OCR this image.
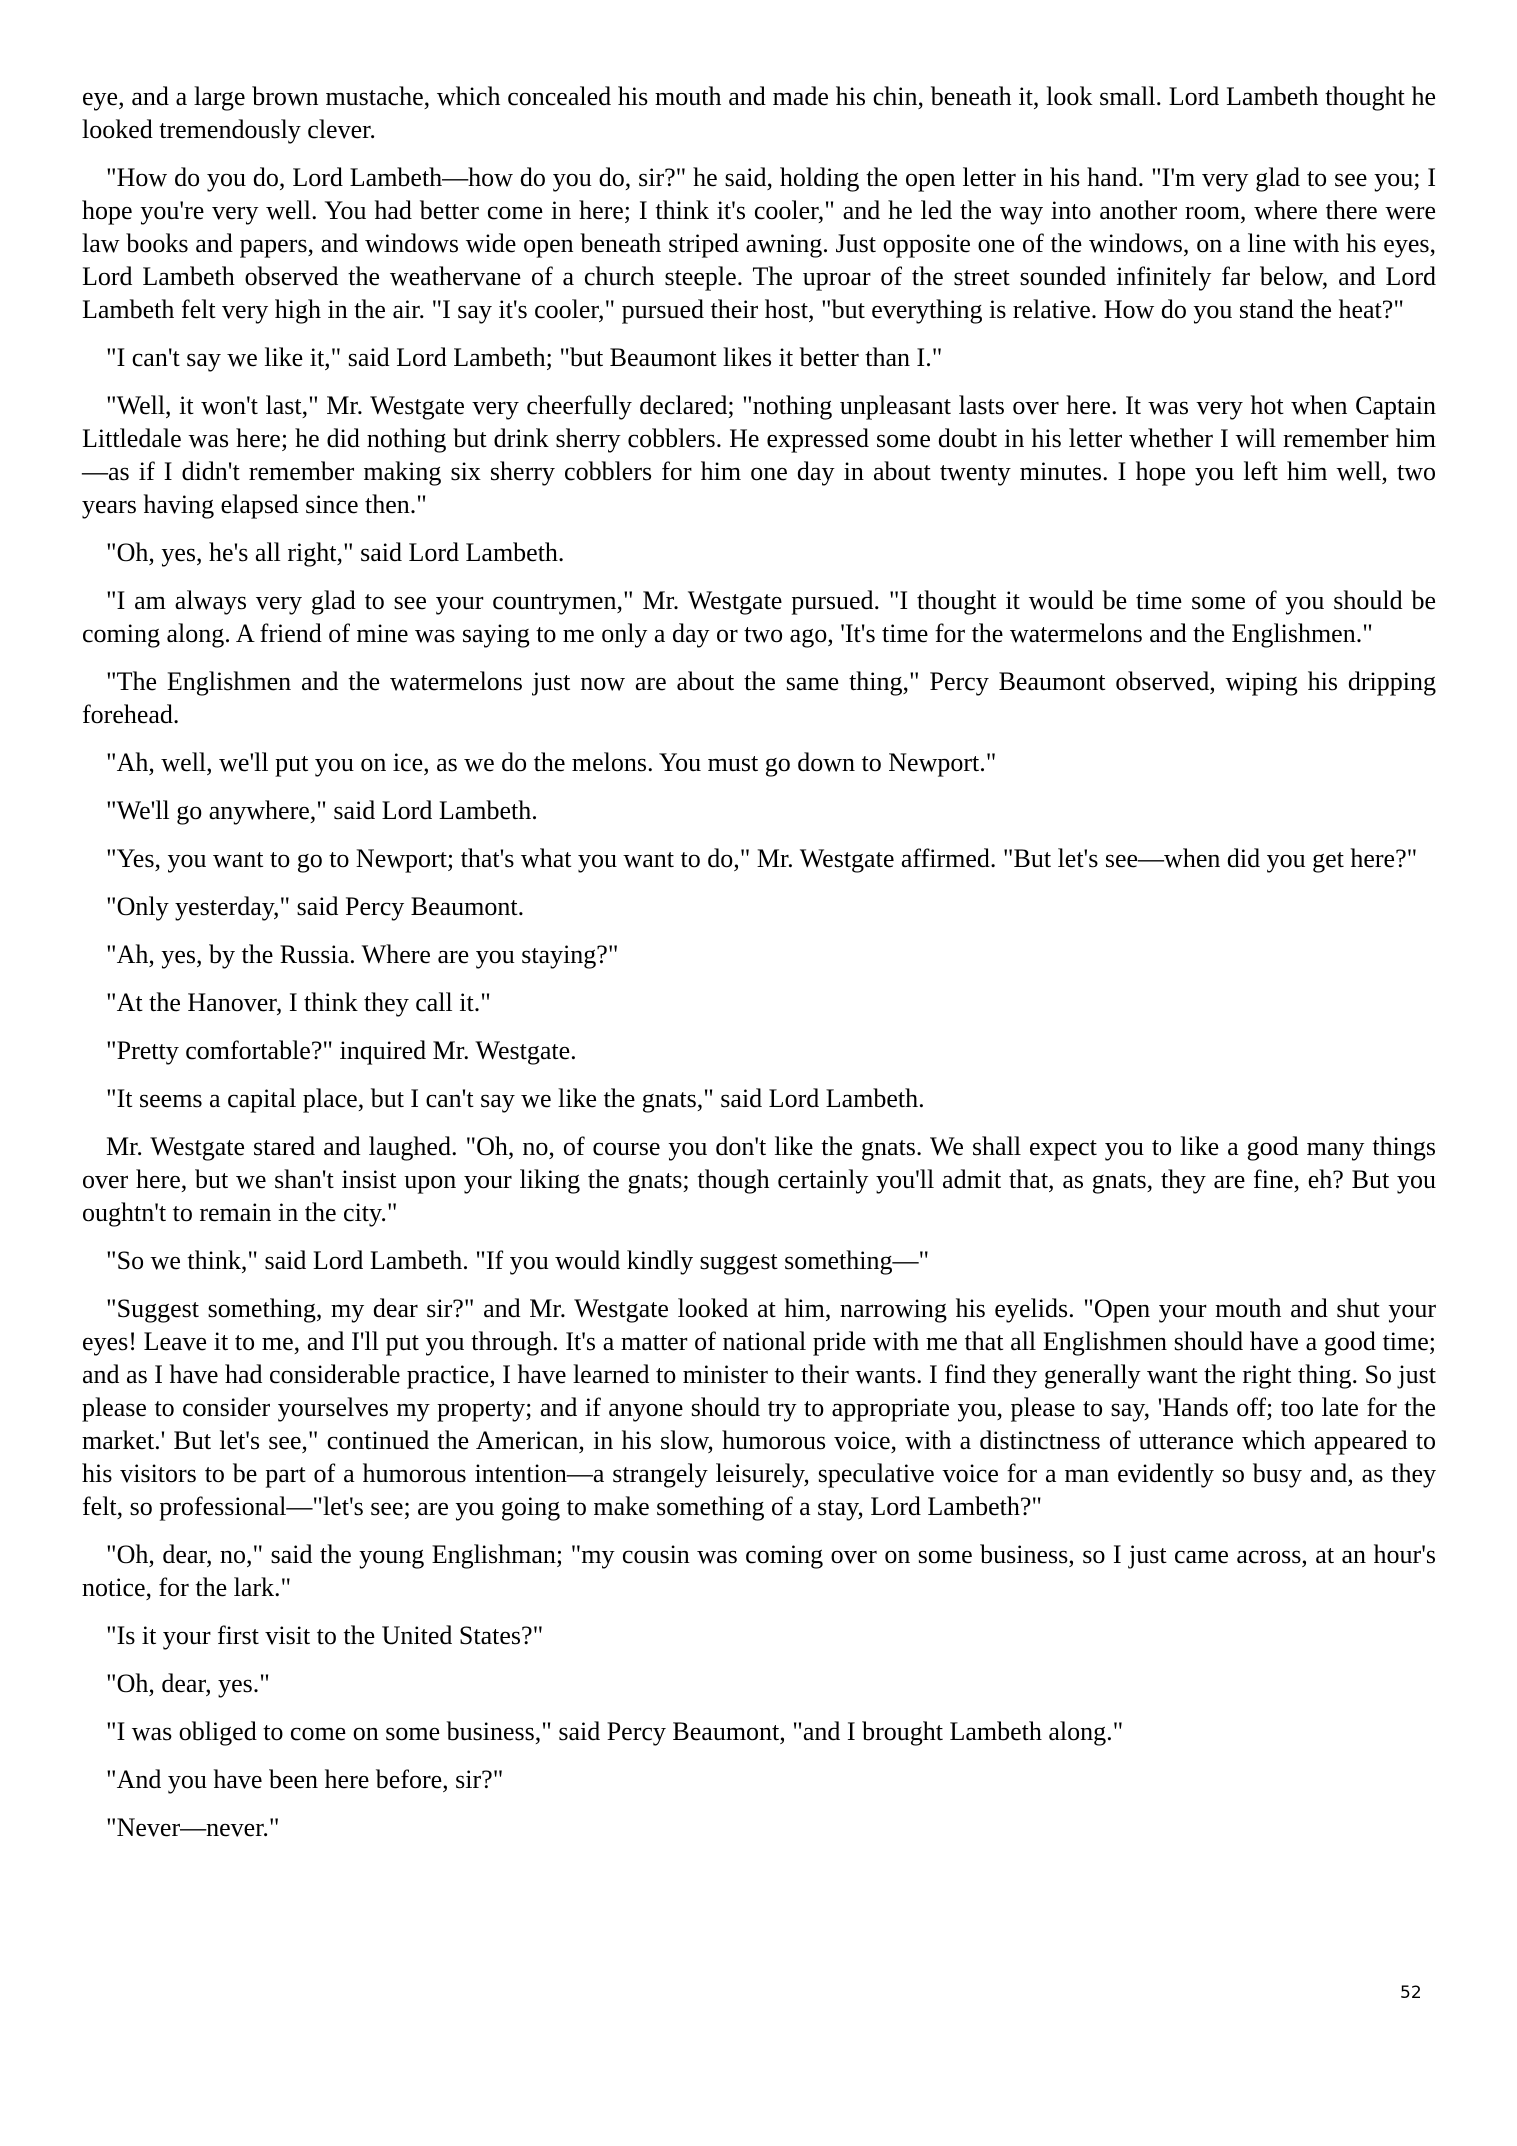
eye, and a large brown mustache, which concealed his mouth and made his chin, beneath it, look small. Lord Lambeth thought he looked tremendously clever.

"How do you do, Lord Lambeth—how do you do, sir?" he said, holding the open letter in his hand. "I'm very glad to see you; I hope you're very well. You had better come in here; I think it's cooler," and he led the way into another room, where there were law books and papers, and windows wide open beneath striped awning. Just opposite one of the windows, on a line with his eyes, Lord Lambeth observed the weathervane of a church steeple. The uproar of the street sounded infinitely far below, and Lord Lambeth felt very high in the air. "I say it's cooler," pursued their host, "but everything is relative. How do you stand the heat?"

"I can't say we like it," said Lord Lambeth; "but Beaumont likes it better than I."

"Well, it won't last," Mr. Westgate very cheerfully declared; "nothing unpleasant lasts over here. It was very hot when Captain Littledale was here; he did nothing but drink sherry cobblers. He expressed some doubt in his letter whether I will remember him—as if I didn't remember making six sherry cobblers for him one day in about twenty minutes. I hope you left him well, two years having elapsed since then."

"Oh, yes, he's all right," said Lord Lambeth.

"I am always very glad to see your countrymen," Mr. Westgate pursued. "I thought it would be time some of you should be coming along. A friend of mine was saying to me only a day or two ago, 'It's time for the watermelons and the Englishmen."

"The Englishmen and the watermelons just now are about the same thing," Percy Beaumont observed, wiping his dripping forehead.

"Ah, well, we'll put you on ice, as we do the melons. You must go down to Newport."

"We'll go anywhere," said Lord Lambeth.

"Yes, you want to go to Newport; that's what you want to do," Mr. Westgate affirmed. "But let's see—when did you get here?"

"Only yesterday," said Percy Beaumont.

"Ah, yes, by the Russia. Where are you staying?"

"At the Hanover, I think they call it."

"Pretty comfortable?" inquired Mr. Westgate.

"It seems a capital place, but I can't say we like the gnats," said Lord Lambeth.

Mr. Westgate stared and laughed. "Oh, no, of course you don't like the gnats. We shall expect you to like a good many things over here, but we shan't insist upon your liking the gnats; though certainly you'll admit that, as gnats, they are fine, eh? But you oughtn't to remain in the city."

"So we think," said Lord Lambeth. "If you would kindly suggest something—"

"Suggest something, my dear sir?" and Mr. Westgate looked at him, narrowing his eyelids. "Open your mouth and shut your eyes! Leave it to me, and I'll put you through. It's a matter of national pride with me that all Englishmen should have a good time; and as I have had considerable practice, I have learned to minister to their wants. I find they generally want the right thing. So just please to consider yourselves my property; and if anyone should try to appropriate you, please to say, 'Hands off; too late for the market.' But let's see," continued the American, in his slow, humorous voice, with a distinctness of utterance which appeared to his visitors to be part of a humorous intention—a strangely leisurely, speculative voice for a man evidently so busy and, as they felt, so professional—"let's see; are you going to make something of a stay, Lord Lambeth?"

"Oh, dear, no," said the young Englishman; "my cousin was coming over on some business, so I just came across, at an hour's notice, for the lark."

"Is it your first visit to the United States?"

"Oh, dear, yes."

"I was obliged to come on some business," said Percy Beaumont, "and I brought Lambeth along."

"And you have been here before, sir?"

"Never—never."

52
